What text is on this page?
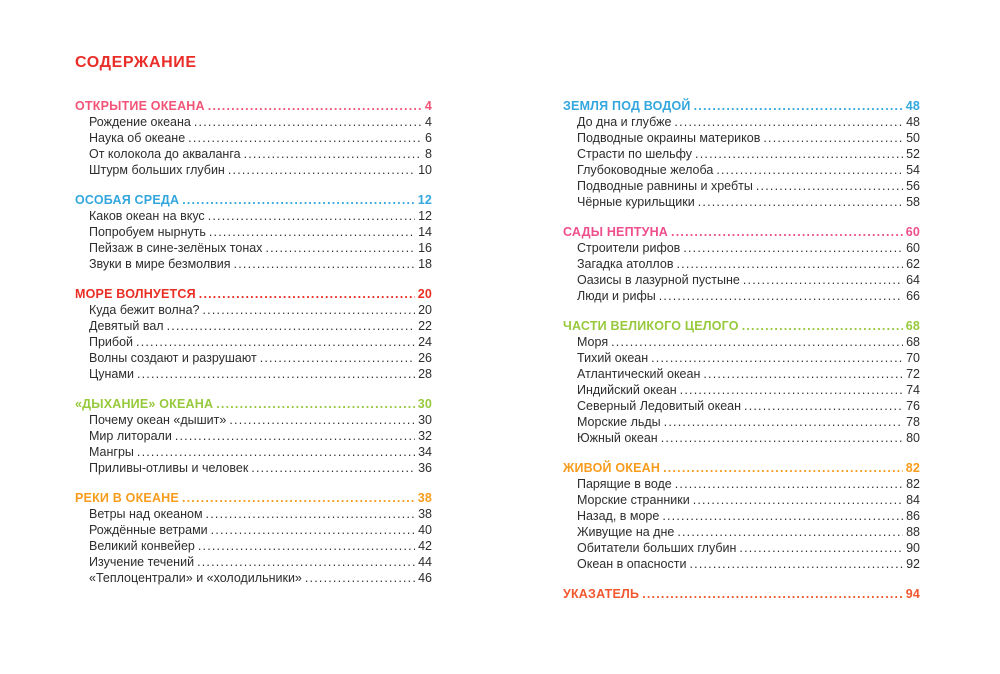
СОДЕРЖАНИЕ
ОТКРЫТИЕ ОКЕАНА .....	4
Рождение океана .....	4
Наука об океане .....	6
От колокола до акваланга .....	8
Штурм больших глубин .....	10
ОСОБАЯ СРЕДА .....	12
Каков океан на вкус .....	12
Попробуем нырнуть .....	14
Пейзаж в сине-зелёных тонах .....	16
Звуки в мире безмолвия .....	18
МОРЕ ВОЛНУЕТСЯ .....	20
Куда бежит волна? .....	20
Девятый вал .....	22
Прибой .....	24
Волны создают и разрушают .....	26
Цунами .....	28
«ДЫХАНИЕ» ОКЕАНА .....	30
Почему океан «дышит» .....	30
Мир литорали .....	32
Мангры .....	34
Приливы-отливы и человек .....	36
РЕКИ В ОКЕАНЕ .....	38
Ветры над океаном .....	38
Рождённые ветрами .....	40
Великий конвейер .....	42
Изучение течений .....	44
«Теплоцентрали» и «холодильники» .....	46
ЗЕМЛЯ ПОД ВОДОЙ .....	48
До дна и глубже .....	48
Подводные окраины материков .....	50
Страсти по шельфу .....	52
Глубоководные желоба .....	54
Подводные равнины и хребты .....	56
Чёрные курильщики .....	58
САДЫ НЕПТУНА .....	60
Строители рифов .....	60
Загадка атоллов .....	62
Оазисы в лазурной пустыне .....	64
Люди и рифы .....	66
ЧАСТИ ВЕЛИКОГО ЦЕЛОГО .....	68
Моря .....	68
Тихий океан .....	70
Атлантический океан .....	72
Индийский океан .....	74
Северный Ледовитый океан .....	76
Морские льды .....	78
Южный океан .....	80
ЖИВОЙ ОКЕАН .....	82
Парящие в воде .....	82
Морские странники .....	84
Назад, в море .....	86
Живущие на дне .....	88
Обитатели больших глубин .....	90
Океан в опасности .....	92
УКАЗАТЕЛЬ .....	94
